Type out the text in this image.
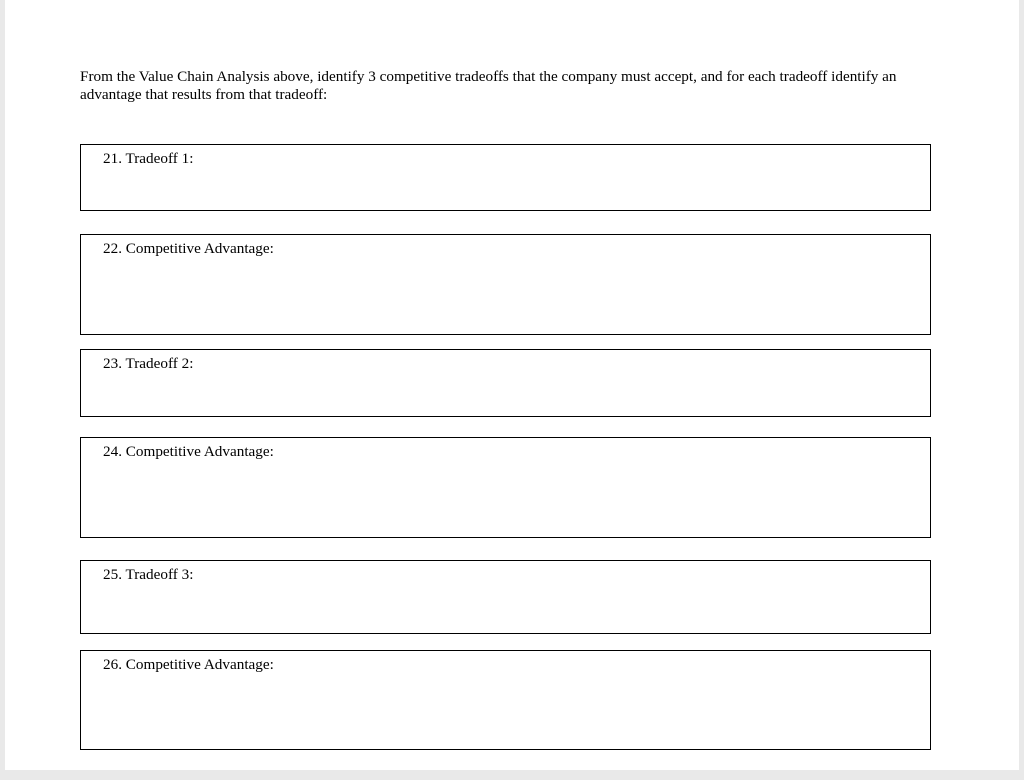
From the Value Chain Analysis above, identify 3 competitive tradeoffs that the company must accept, and for each tradeoff identify an advantage that results from that tradeoff:

21. Tradeoff 1:
22. Competitive Advantage:
23. Tradeoff 2:
24. Competitive Advantage:
25. Tradeoff 3:
26. Competitive Advantage:
